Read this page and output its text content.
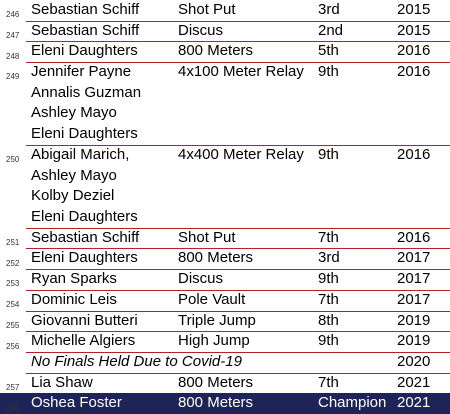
246 Sebastian Schiff	Shot Put	3rd	2015
247 Sebastian Schiff	Discus	2nd	2015
248 Eleni Daughters	800 Meters	5th	2016
249 Jennifer Payne
Annalis Guzman
Ashley Mayo
Eleni Daughters
4x100 Meter Relay 9th	2016
250 Abigail Marich,
Ashley Mayo
Kolby Deziel
Eleni Daughters
4x400 Meter Relay 9th	2016
251 Sebastian Schiff	Shot Put	7th	2016
252 Eleni Daughters	800 Meters	3rd	2017
253 Ryan Sparks	Discus	9th	2017
254 Dominic Leis	Pole Vault	7th	2017
255 Giovanni Butteri	Triple Jump	8th	2019
256 Michelle Algiers	High Jump	9th	2019
No Finals Held Due to Covid-19	2020
257 Lia Shaw	800 Meters	7th	2021
258 Oshea Foster	800 Meters	Champion 2021
